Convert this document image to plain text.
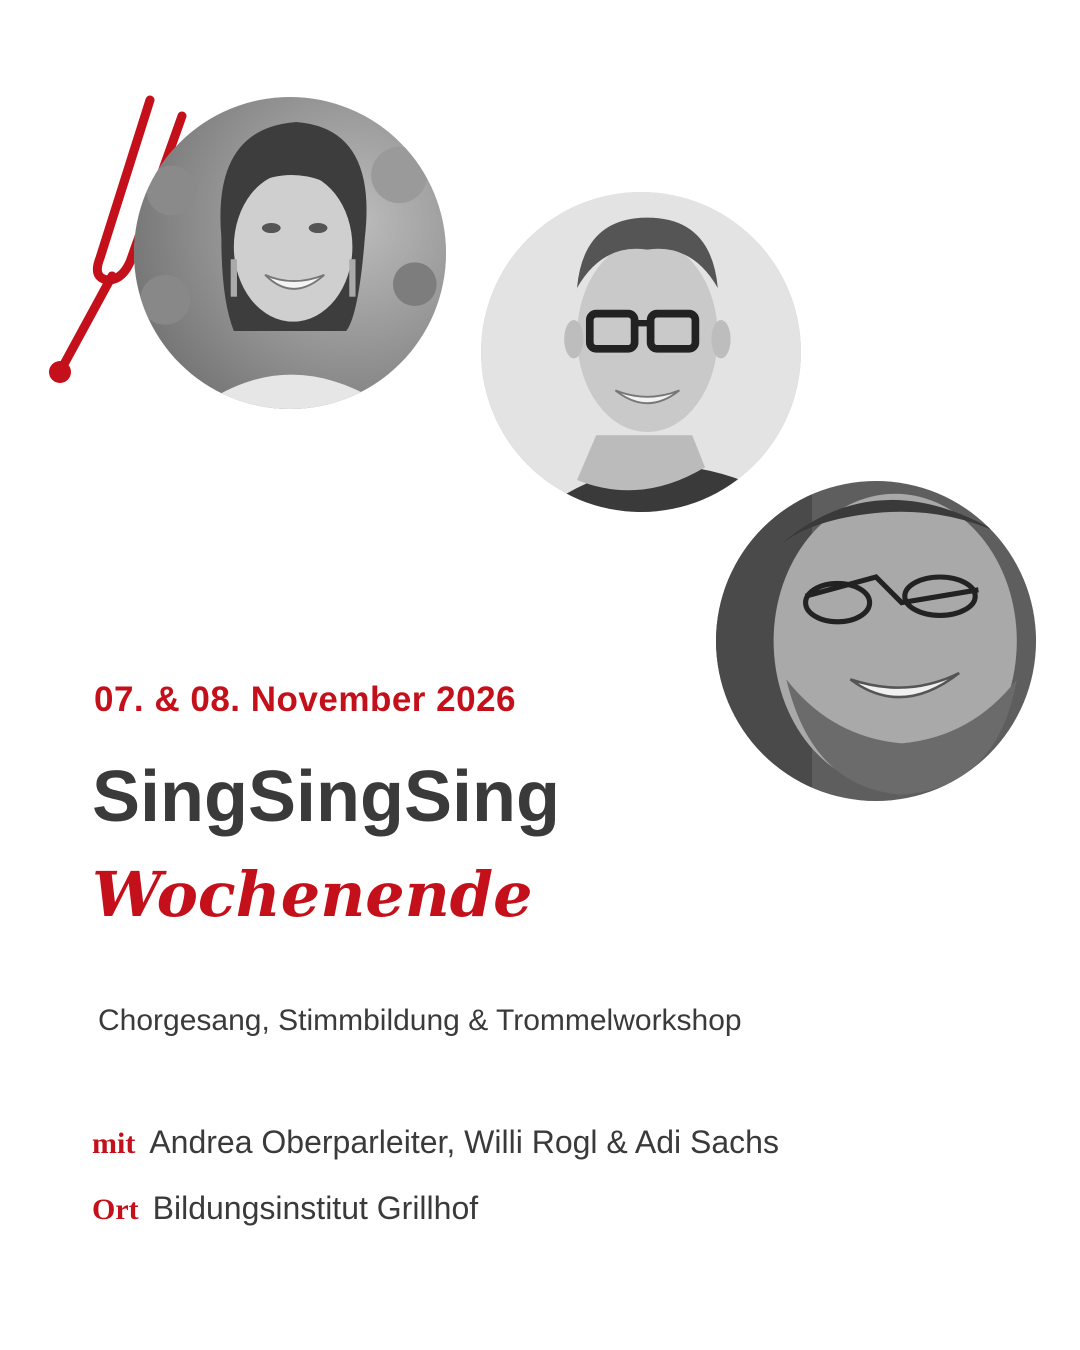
07. & 08. November 2026
SingSingSing
Wochenende
Chorgesang, Stimmbildung & Trommelworkshop
mit Andrea Oberparleiter, Willi Rogl & Adi Sachs
Ort Bildungsinstitut Grillhof
